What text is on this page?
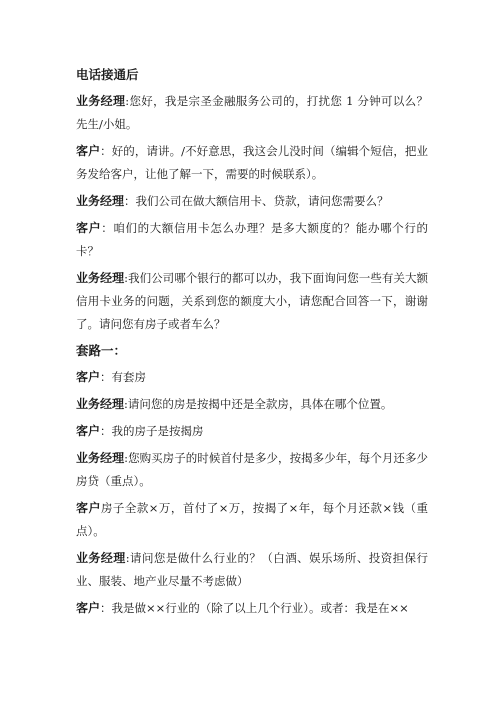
电话接通后

业务经理:您好，我是宗圣金融服务公司的，打扰您 1 分钟可以么？先生/小姐。

客户：好的，请讲。/不好意思，我这会儿没时间（编辑个短信，把业务发给客户，让他了解一下，需要的时候联系）。

业务经理：我们公司在做大额信用卡、贷款，请问您需要么？

客户：咱们的大额信用卡怎么办理？是多大额度的？能办哪个行的卡？

业务经理:我们公司哪个银行的都可以办，我下面询问您一些有关大额信用卡业务的问题，关系到您的额度大小，请您配合回答一下，谢谢了。请问您有房子或者车么？

套路一：

客户：有套房

业务经理:请问您的房是按揭中还是全款房，具体在哪个位置。

客户：我的房子是按揭房

业务经理:您购买房子的时候首付是多少，按揭多少年，每个月还多少房贷（重点）。

客户房子全款×万，首付了×万，按揭了×年，每个月还款×钱（重点）。

业务经理:请问您是做什么行业的？（白酒、娱乐场所、投资担保行业、服装、地产业尽量不考虑做）

客户：我是做××行业的（除了以上几个行业）。或者：我是在××
